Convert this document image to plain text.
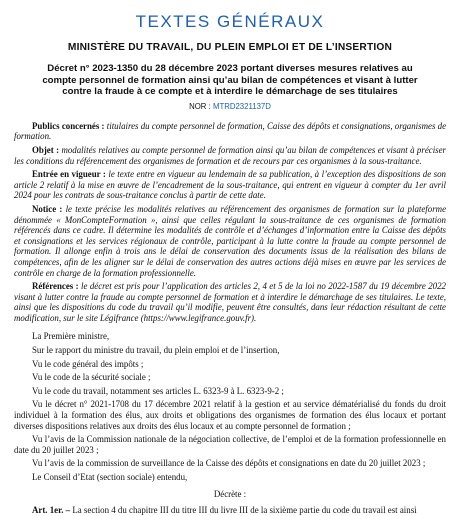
TEXTES GÉNÉRAUX
MINISTÈRE DU TRAVAIL, DU PLEIN EMPLOI ET DE L’INSERTION
Décret n° 2023-1350 du 28 décembre 2023 portant diverses mesures relatives au compte personnel de formation ainsi qu’au bilan de compétences et visant à lutter contre la fraude à ce compte et à interdire le démarchage de ses titulaires
NOR : MTRD2321137D

Publics concernés : titulaires du compte personnel de formation, Caisse des dépôts et consignations, organismes de formation.

Objet : modalités relatives au compte personnel de formation ainsi qu’au bilan de compétences et visant à préciser les conditions du référencement des organismes de formation et de recours par ces organismes à la sous-traitance.

Entrée en vigueur : le texte entre en vigueur au lendemain de sa publication, à l’exception des dispositions de son article 2 relatif à la mise en œuvre de l’encadrement de la sous-traitance, qui entrent en vigueur à compter du 1er avril 2024 pour les contrats de sous-traitance conclus à partir de cette date.

Notice : le texte précise les modalités relatives au référencement des organismes de formation sur la plateforme dénommée « MonCompteFormation », ainsi que celles régulant la sous-traitance de ces organismes de formation référencés dans ce cadre. Il détermine les modalités de contrôle et d’échanges d’information entre la Caisse des dépôts et consignations et les services régionaux de contrôle, participant à la lutte contre la fraude au compte personnel de formation. Il allonge enfin à trois ans le délai de conservation des documents issus de la réalisation des bilans de compétences, afin de les aligner sur le délai de conservation des autres actions déjà mises en œuvre par les services de contrôle en charge de la formation professionnelle.

Références : le décret est pris pour l’application des articles 2, 4 et 5 de la loi no 2022-1587 du 19 décembre 2022 visant à lutter contre la fraude au compte personnel de formation et à interdire le démarchage de ses titulaires. Le texte, ainsi que les dispositions du code du travail qu’il modifie, peuvent être consultés, dans leur rédaction résultant de cette modification, sur le site Légifrance (https://www.legifrance.gouv.fr).

La Première ministre,

Sur le rapport du ministre du travail, du plein emploi et de l’insertion,

Vu le code général des impôts ;

Vu le code de la sécurité sociale ;

Vu le code du travail, notamment ses articles L. 6323-9 à L. 6323-9-2 ;

Vu le décret n° 2021-1708 du 17 décembre 2021 relatif à la gestion et au service dématérialisé du fonds du droit individuel à la formation des élus, aux droits et obligations des organismes de formation des élus locaux et portant diverses dispositions relatives aux droits des élus locaux et au compte personnel de formation ;

Vu l’avis de la Commission nationale de la négociation collective, de l’emploi et de la formation professionnelle en date du 20 juillet 2023 ;

Vu l’avis de la commission de surveillance de la Caisse des dépôts et consignations en date du 20 juillet 2023 ;

Le Conseil d’Etat (section sociale) entendu,

Décrète :

Art. 1er. – La section 4 du chapitre III du titre III du livre III de la sixième partie du code du travail est ainsi
